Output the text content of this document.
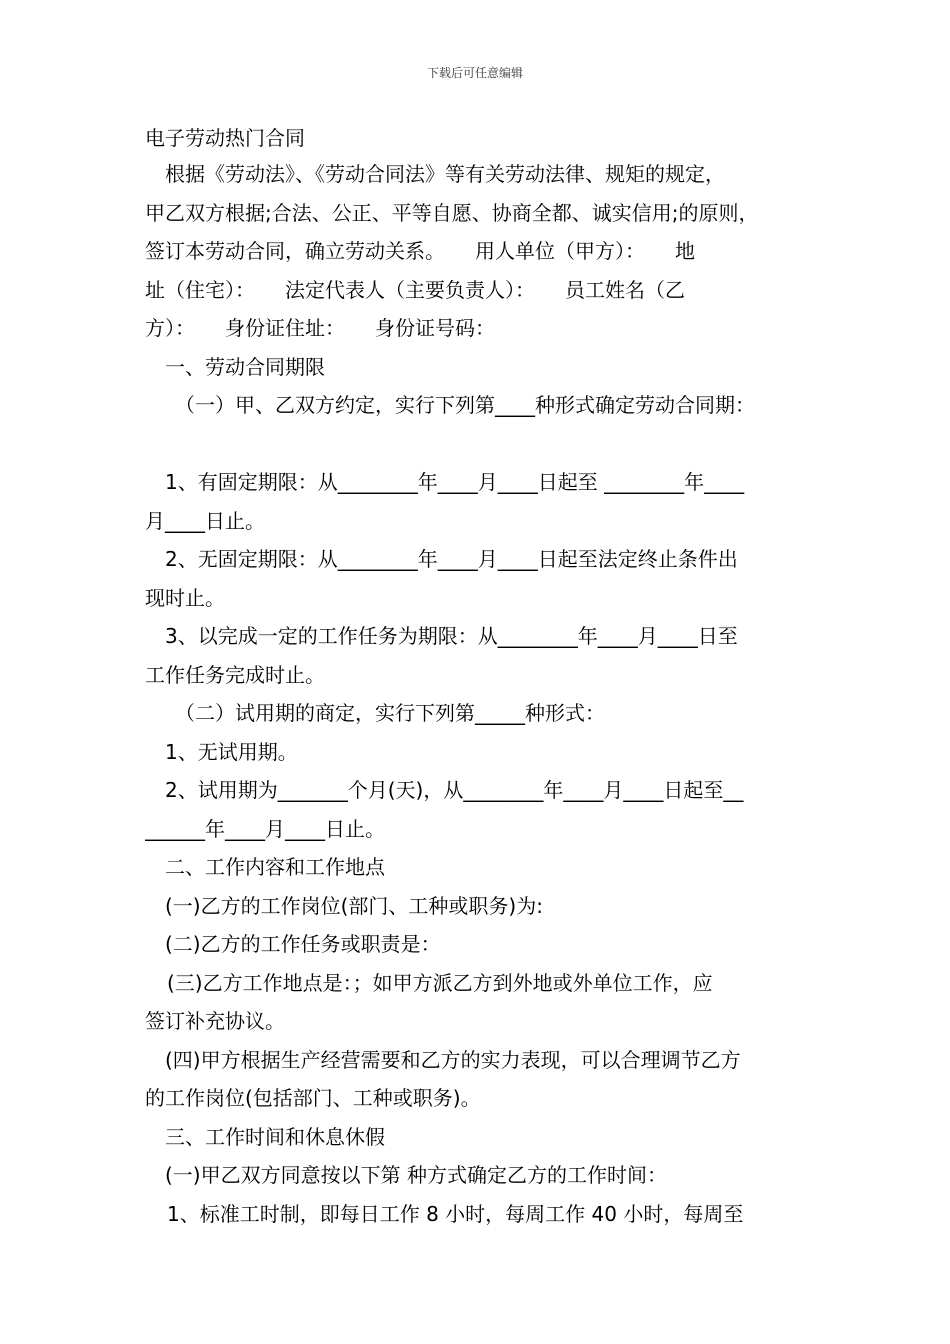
下载后可任意编辑
电子劳动热门合同
根据《劳动法》、《劳动合同法》等有关劳动法律、规矩的规定，
甲乙双方根据;合法、公正、平等自愿、协商全都、诚实信用;的原则，
签订本劳动合同，确立劳动关系。　　用人单位（甲方）：　　地
址（住宅）：　　法定代表人（主要负责人）：　　员工姓名（乙
方）：　　身份证住址：　　身份证号码：
一、劳动合同期限
（一）甲、乙双方约定，实行下列第____种形式确定劳动合同期：
1、有固定期限：从________年____月____日起至 ________年____
月____日止。
2、无固定期限：从________年____月____日起至法定终止条件出
现时止。
3、以完成一定的工作任务为期限：从________年____月____日至
工作任务完成时止。
（二）试用期的商定，实行下列第_____种形式：
1、无试用期。
2、试用期为_______个月(天)，从________年____月____日起至__
______年____月____日止。
二、工作内容和工作地点
(一)乙方的工作岗位(部门、工种或职务)为:
(二)乙方的工作任务或职责是：
(三)乙方工作地点是：；如甲方派乙方到外地或外单位工作，应
签订补充协议。
(四)甲方根据生产经营需要和乙方的实力表现，可以合理调节乙方
的工作岗位(包括部门、工种或职务)。
三、工作时间和休息休假
(一)甲乙双方同意按以下第 种方式确定乙方的工作时间：
1、标准工时制，即每日工作 8 小时，每周工作 40 小时，每周至
